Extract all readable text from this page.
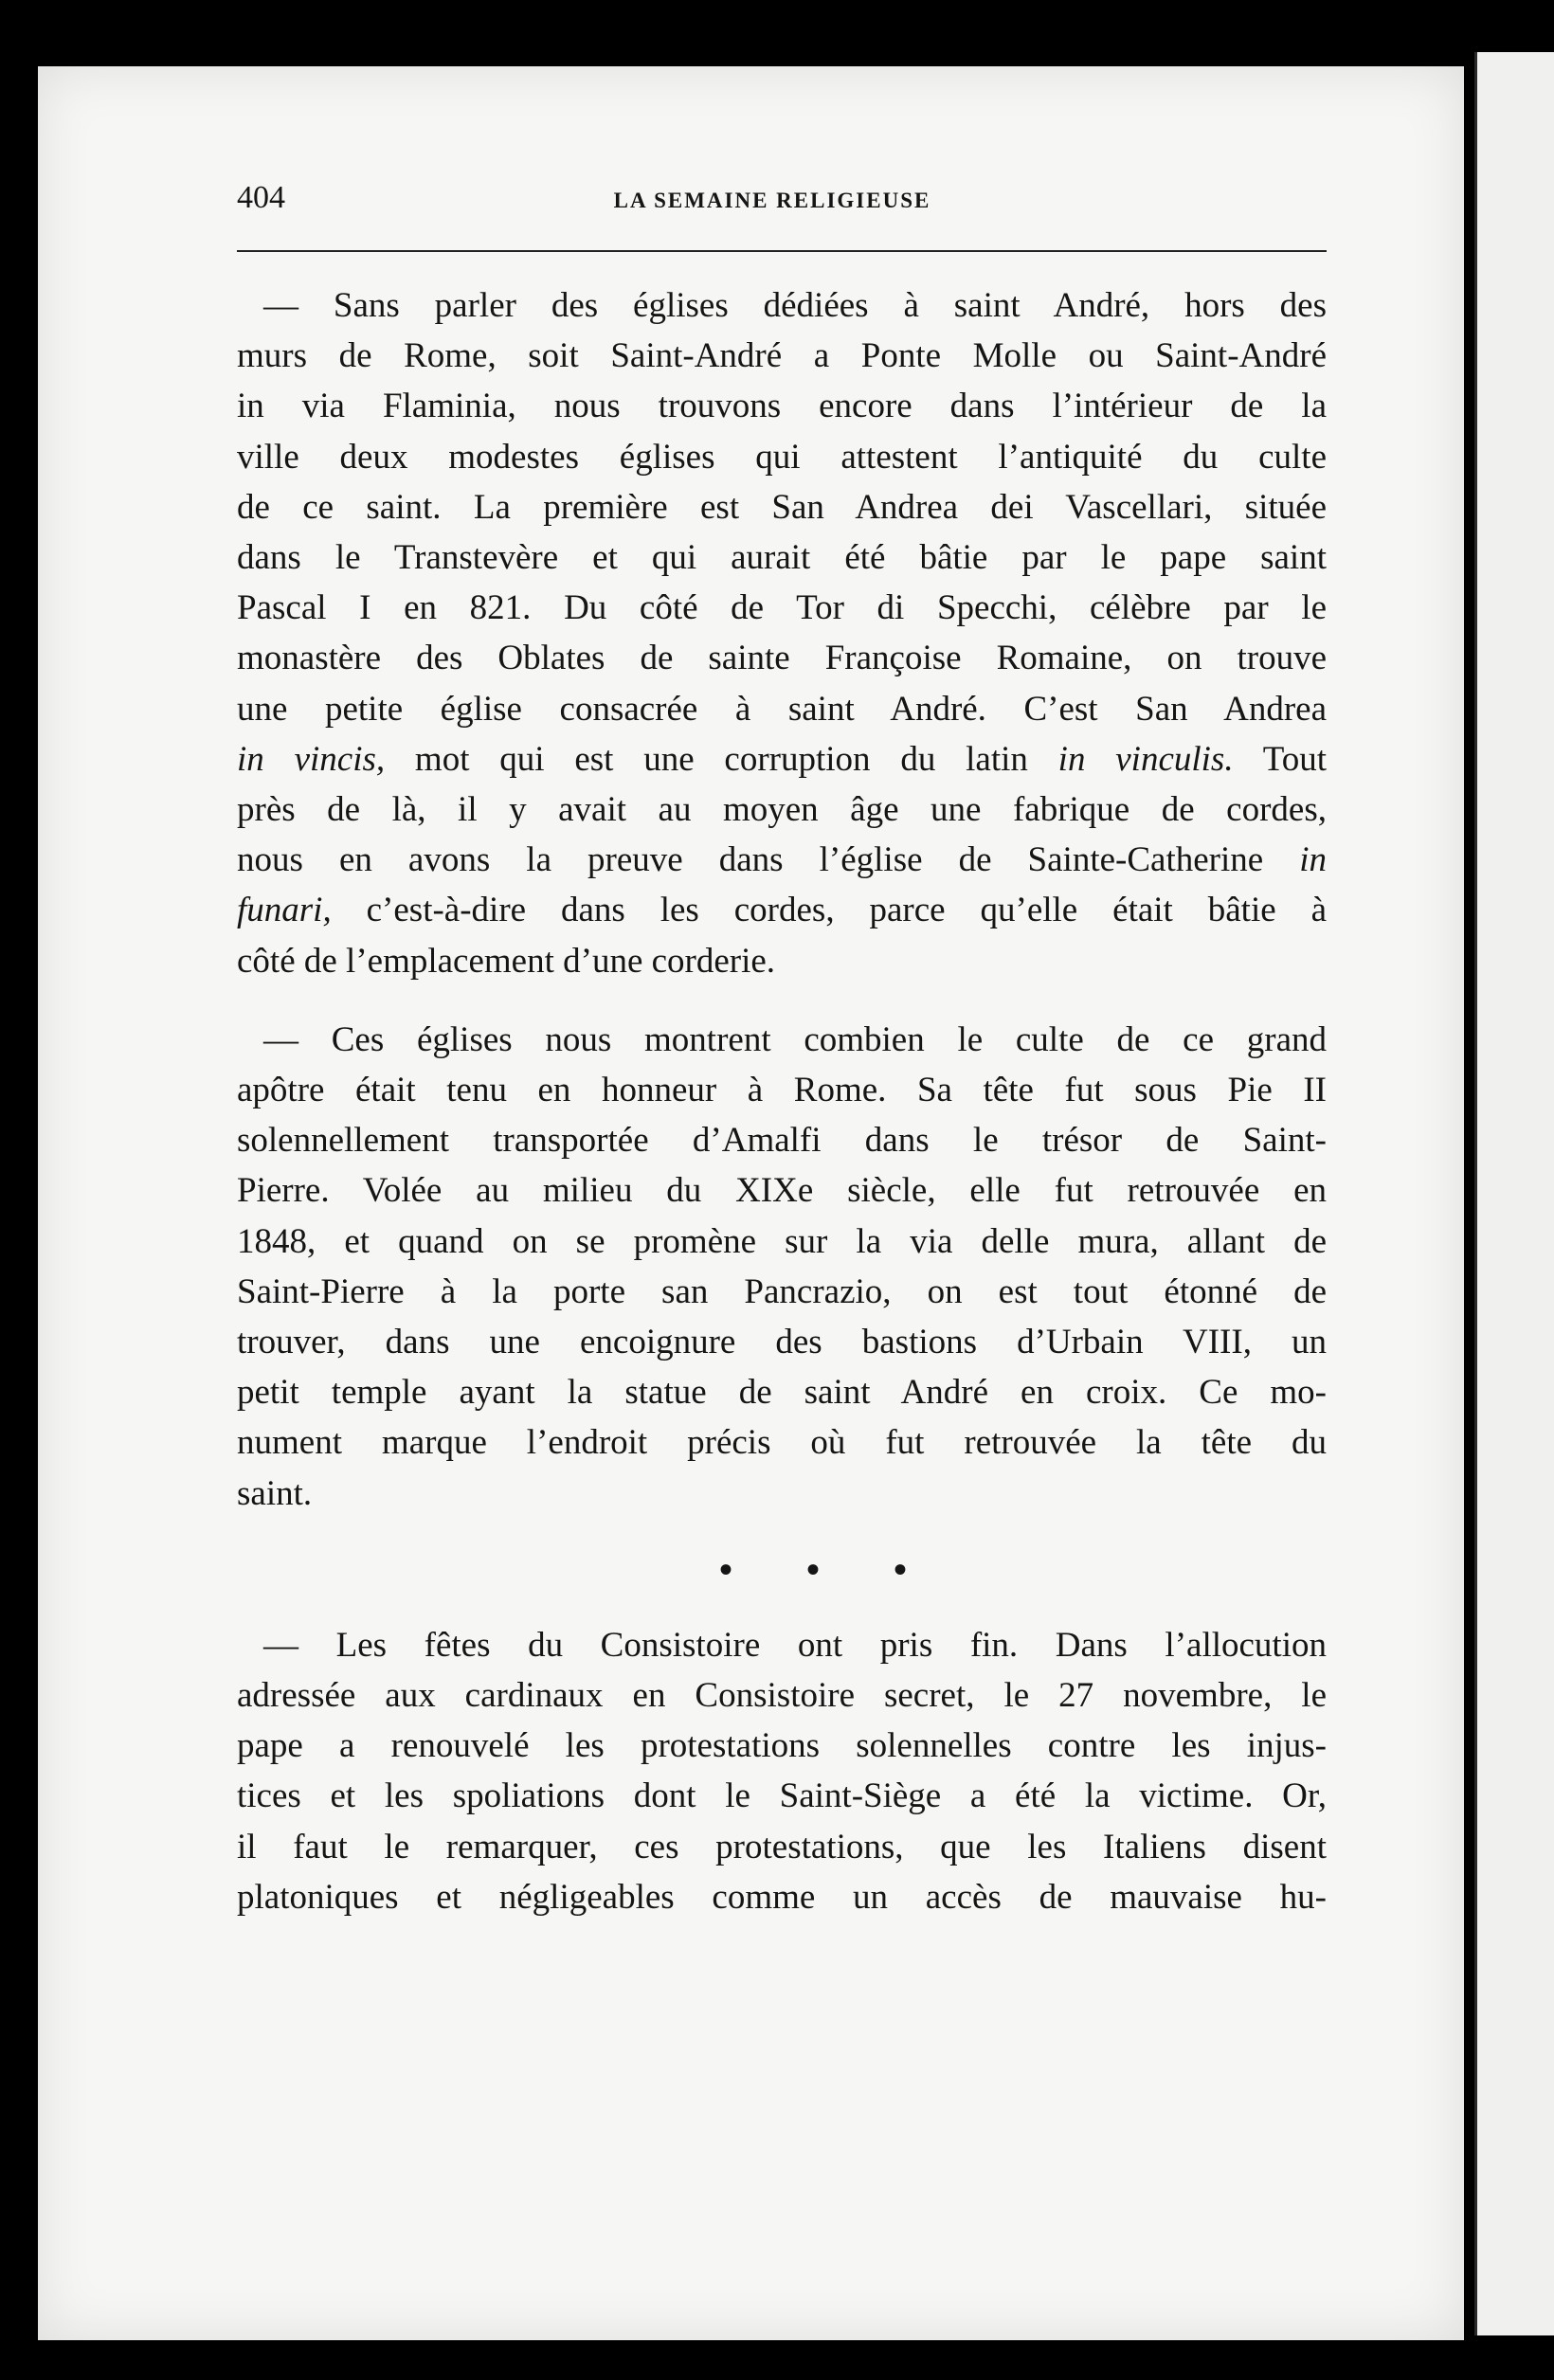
404	LA SEMAINE RELIGIEUSE

— Sans parler des églises dédiées à saint André, hors des
murs de Rome, soit Saint-André a Ponte Molle ou Saint-André
in via Flaminia, nous trouvons encore dans l’intérieur de la
ville deux modestes églises qui attestent l’antiquité du culte
de ce saint. La première est San Andrea dei Vascellari, située
dans le Transtevère et qui aurait été bâtie par le pape saint
Pascal I en 821. Du côté de Tor di Specchi, célèbre par le
monastère des Oblates de sainte Françoise Romaine, on trouve
une petite église consacrée à saint André. C’est San Andrea
in vincis, mot qui est une corruption du latin in vinculis. Tout
près de là, il y avait au moyen âge une fabrique de cordes,
nous en avons la preuve dans l’église de Sainte-Catherine in
funari, c’est-à-dire dans les cordes, parce qu’elle était bâtie à
côté de l’emplacement d’une corderie.

— Ces églises nous montrent combien le culte de ce grand
apôtre était tenu en honneur à Rome. Sa tête fut sous Pie II
solennellement transportée d’Amalfi dans le trésor de Saint-
Pierre. Volée au milieu du XIXe siècle, elle fut retrouvée en
1848, et quand on se promène sur la via delle mura, allant de
Saint-Pierre à la porte san Pancrazio, on est tout étonné de
trouver, dans une encoignure des bastions d’Urbain VIII, un
petit temple ayant la statue de saint André en croix. Ce mo-
nument marque l’endroit précis où fut retrouvée la tête du
saint.

• • •

— Les fêtes du Consistoire ont pris fin. Dans l’allocution
adressée aux cardinaux en Consistoire secret, le 27 novembre, le
pape a renouvelé les protestations solennelles contre les injus-
tices et les spoliations dont le Saint-Siège a été la victime. Or,
il faut le remarquer, ces protestations, que les Italiens disent
platoniques et négligeables comme un accès de mauvaise hu-
